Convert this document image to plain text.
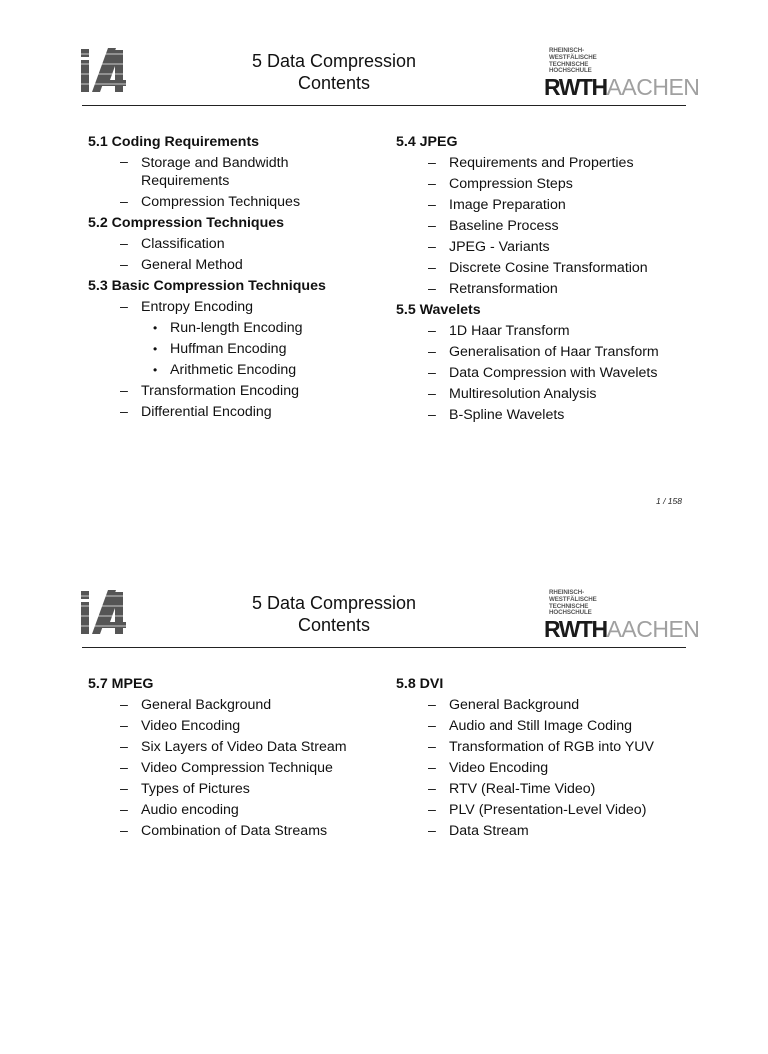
5 Data Compression
Contents
RHEINISCH-
WESTFÄLISCHE
TECHNISCHE
HOCHSCHULE
RWTHAACHEN
5.1 Coding Requirements
– Storage and Bandwidth Requirements
– Compression Techniques
5.2 Compression Techniques
– Classification
– General Method
5.3 Basic Compression Techniques
– Entropy Encoding
• Run-length Encoding
• Huffman Encoding
• Arithmetic Encoding
– Transformation Encoding
– Differential Encoding
5.4 JPEG
– Requirements and Properties
– Compression Steps
– Image Preparation
– Baseline Process
– JPEG - Variants
– Discrete Cosine Transformation
– Retransformation
5.5 Wavelets
– 1D Haar Transform
– Generalisation of Haar Transform
– Data Compression with Wavelets
– Multiresolution Analysis
– B-Spline Wavelets
1 / 158
5 Data Compression
Contents
RHEINISCH-
WESTFÄLISCHE
TECHNISCHE
HOCHSCHULE
RWTHAACHEN
5.7 MPEG
– General Background
– Video Encoding
– Six Layers of Video Data Stream
– Video Compression Technique
– Types of Pictures
– Audio encoding
– Combination of Data Streams
5.8 DVI
– General Background
– Audio and Still Image Coding
– Transformation of RGB into YUV
– Video Encoding
– RTV (Real-Time Video)
– PLV (Presentation-Level Video)
– Data Stream
